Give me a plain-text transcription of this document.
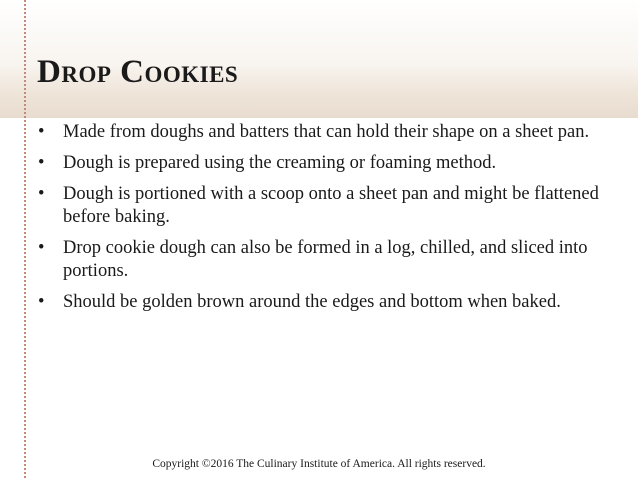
Drop Cookies
•	Made from doughs and batters that can hold their shape on a sheet pan.
•	Dough is prepared using the creaming or foaming method.
•	Dough is portioned with a scoop onto a sheet pan and might be flattened before baking.
•	Drop cookie dough can also be formed in a log, chilled, and sliced into portions.
•	Should be golden brown around the edges and bottom when baked.

Copyright ©2016 The Culinary Institute of America. All rights reserved.
